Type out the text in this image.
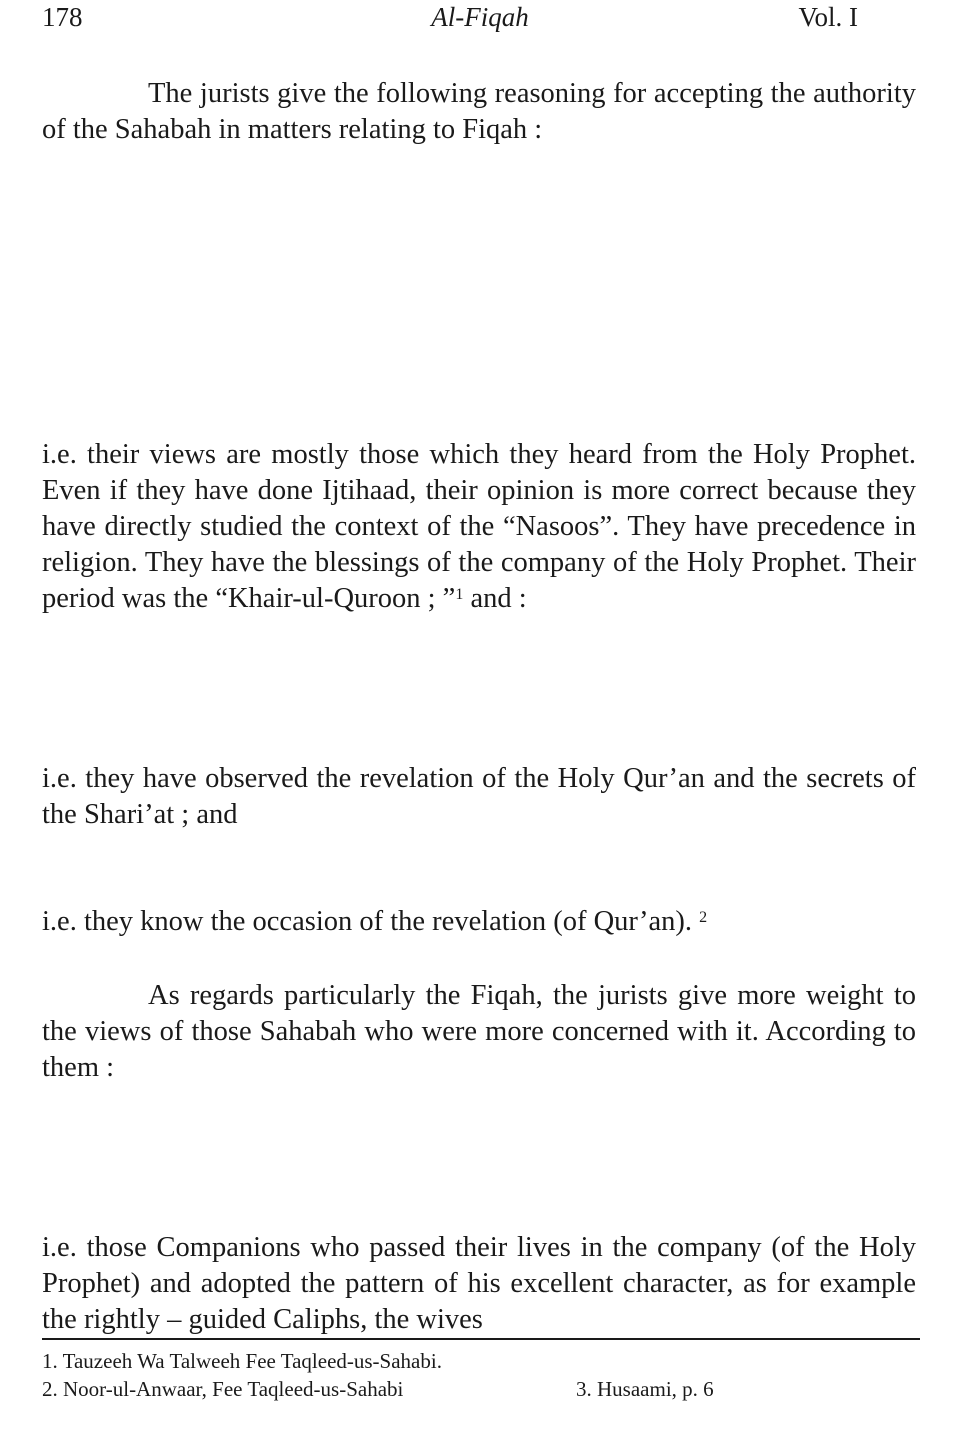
178	Al-Fiqah	Vol. I

The jurists give the following reasoning for accepting the authority of the Sahabah in matters relating to Fiqah :

i.e. their views are mostly those which they heard from the Holy Prophet. Even if they have done Ijtihaad, their opinion is more correct because they have directly studied the context of the “Nasoos”. They have precedence in religion. They have the blessings of the company of the Holy Prophet. Their period was the “Khair-ul-Quroon ; ”$^1$ and :

i.e. they have observed the revelation of the Holy Qur’an and the secrets of the Shari’at ; and

i.e. they know the occasion of the revelation (of Qur’an). $^2$

As regards particularly the Fiqah, the jurists give more weight to the views of those Sahabah who were more concerned with it. According to them :

i.e. those Companions who passed their lives in the company (of the Holy Prophet) and adopted the pattern of his excellent character, as for example the rightly – guided Caliphs, the wives

1. Tauzeeh Wa Talweeh Fee Taqleed-us-Sahabi.
2. Noor-ul-Anwaar, Fee Taqleed-us-Sahabi	3. Husaami, p. 6
